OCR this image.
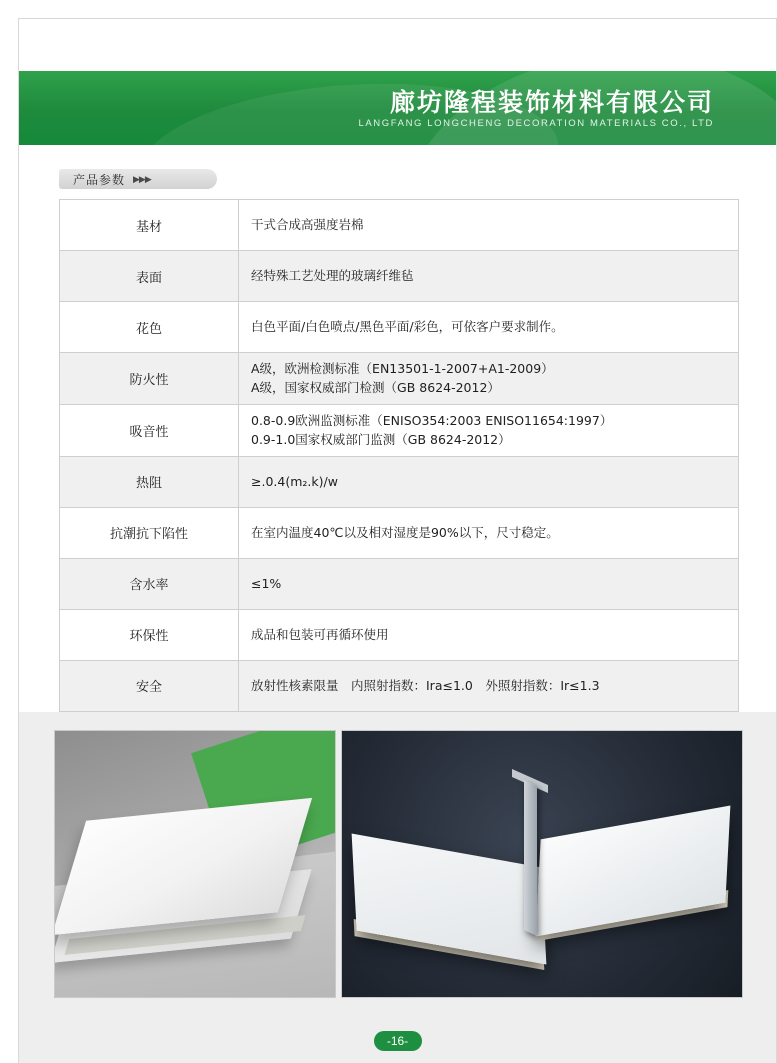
廊坊隆程装饰材料有限公司
LANGFANG LONGCHENG DECORATION MATERIALS CO., LTD
产品参数 ▶▶▶
基材	干式合成高强度岩棉
表面	经特殊工艺处理的玻璃纤维毡
花色	白色平面/白色喷点/黑色平面/彩色，可依客户要求制作。
防火性	A级，欧洲检测标准（EN13501-1-2007+A1-2009）
A级，国家权威部门检测（GB 8624-2012）

吸音性	0.8-0.9欧洲监测标准（ENISO354:2003 ENISO11654:1997）
0.9-1.0国家权威部门监测（GB 8624-2012）

热阻	≥.0.4(m₂.k)/w
抗潮抗下陷性	在室内温度40℃以及相对湿度是90%以下，尺寸稳定。
含水率	≤1%
环保性	成品和包装可再循环使用
安全	放射性核素限量　内照射指数：Ira≤1.0　外照射指数：Ir≤1.3

-16-
